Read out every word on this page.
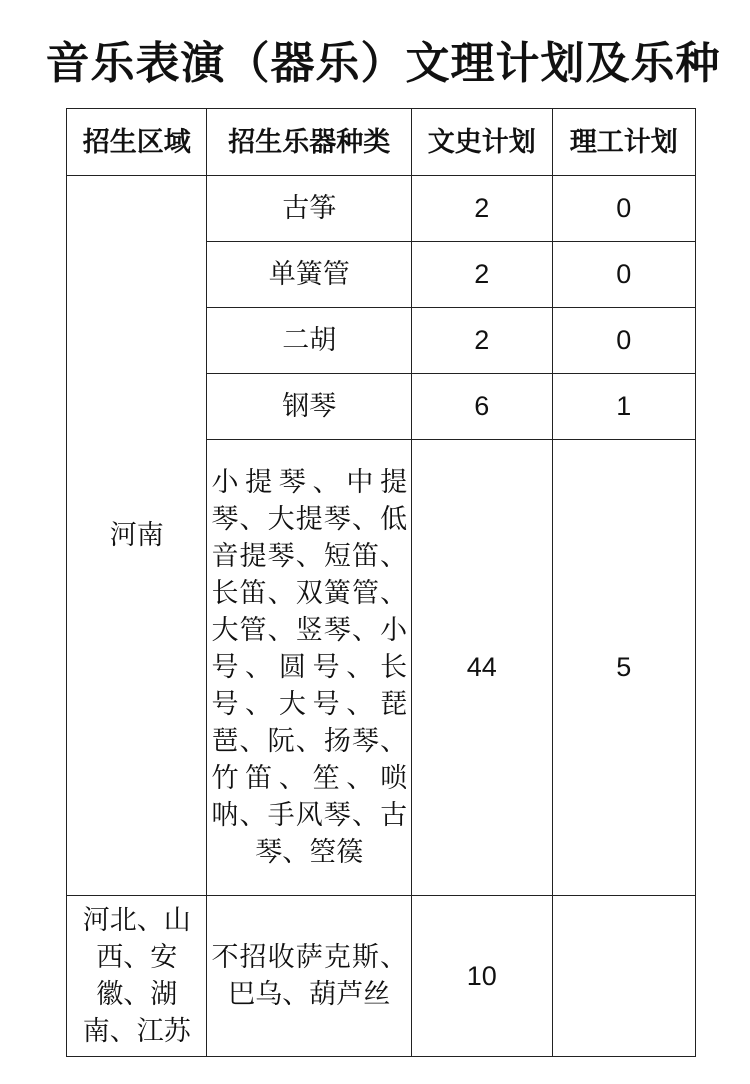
音乐表演（器乐）文理计划及乐种
招生区域	招生乐器种类	文史计划	理工计划
河南	古筝	2	0
	单簧管	2	0
	二胡	2	0
	钢琴	6	1

	小提琴、中提琴、大提琴、低音提琴、短笛、长笛、双簧管、大管、竖琴、小号、圆号、长号、大号、琵琶、阮、扬琴、竹笛、笙、唢呐、手风琴、古琴、箜篌	44	5

河北、山西、安徽、湖南、江苏	不招收萨克斯、巴乌、葫芦丝	10	
